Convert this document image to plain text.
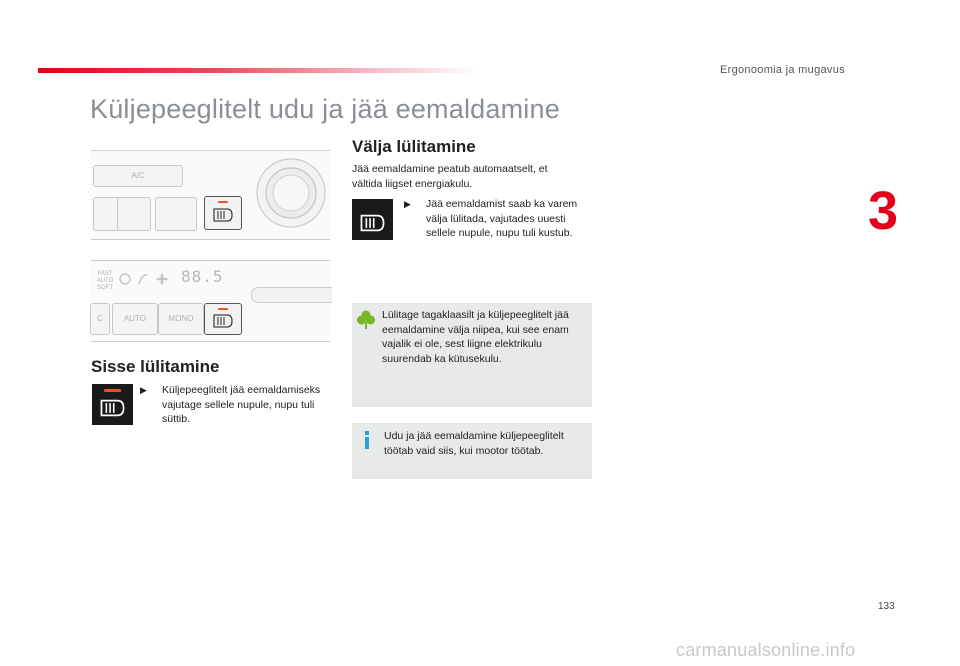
Ergonoomia ja mugavus
3
Küljepeeglitelt udu ja jää eemaldamine
A/C
FAST
AUTO
SOFT
88.5
C	AUTO	MONO
Sisse lülitamine
▶ Küljepeeglitelt jää eemaldamiseks vajutage sellele nupule, nupu tuli süttib.
Välja lülitamine
Jää eemaldamine peatub automaatselt, et vältida liigset energiakulu.
▶ Jää eemaldamist saab ka varem välja lülitada, vajutades uuesti sellele nupule, nupu tuli kustub.
Lülitage tagaklaasilt ja küljepeeglitelt jää eemaldamine välja niipea, kui see enam vajalik ei ole, sest liigne elektrikulu suurendab ka kütusekulu.
Udu ja jää eemaldamine küljepeeglitelt töötab vaid siis, kui mootor töötab.
133
carmanualsonline.info
